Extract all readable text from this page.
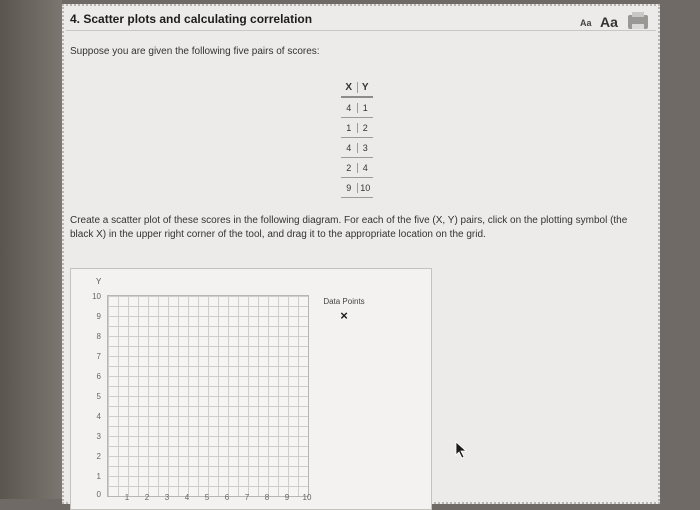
4. Scatter plots and calculating correlation	Aa Aa
Suppose you are given the following five pairs of scores:
X Y
4	1
1	2
4	3
2	4
9 10
Create a scatter plot of these scores in the following diagram. For each of the five (X, Y) pairs, click on the plotting symbol (the black X) in the upper right corner of the tool, and drag it to the appropriate location on the grid.
Y
10
9
8
7
6
5
4
3
2
1
0	1	2	3	4	5	6	7	8	9	10
Data Points
×
